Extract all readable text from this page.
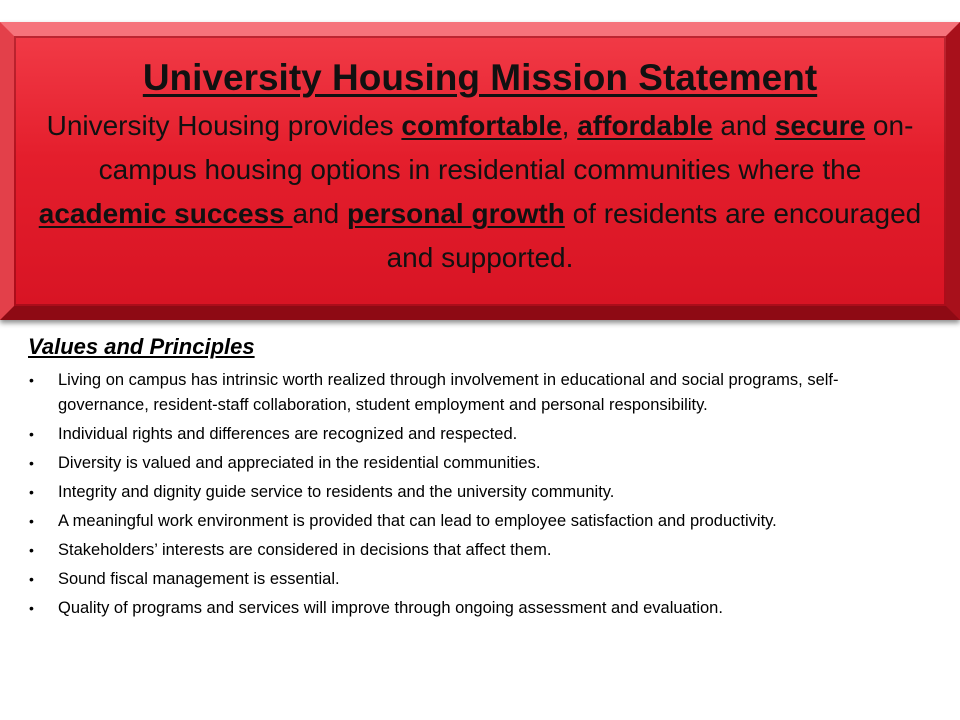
University Housing Mission Statement

University Housing provides comfortable, affordable and secure on-campus housing options in residential communities where the academic success and personal growth of residents are encouraged and supported.

Values and Principles
• Living on campus has intrinsic worth realized through involvement in educational and social programs, self-governance, resident-staff collaboration, student employment and personal responsibility.
• Individual rights and differences are recognized and respected.
• Diversity is valued and appreciated in the residential communities.
• Integrity and dignity guide service to residents and the university community.
• A meaningful work environment is provided that can lead to employee satisfaction and productivity.
• Stakeholders’ interests are considered in decisions that affect them.
• Sound fiscal management is essential.
• Quality of programs and services will improve through ongoing assessment and evaluation.
